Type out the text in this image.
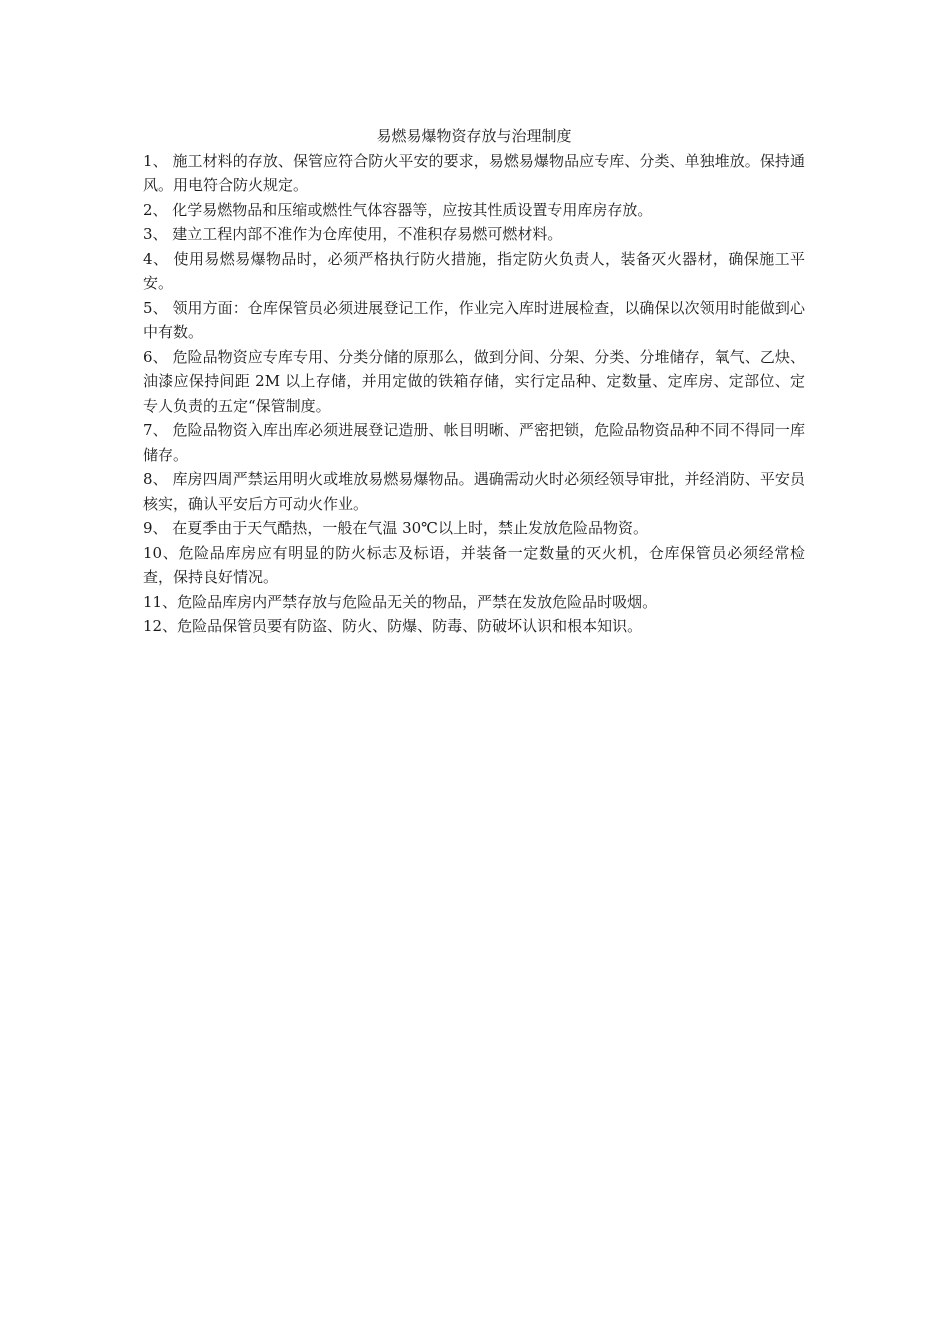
易燃易爆物资存放与治理制度

1、 施工材料的存放、保管应符合防火平安的要求，易燃易爆物品应专库、分类、单独堆放。保持通风。用电符合防火规定。

2、 化学易燃物品和压缩或燃性气体容器等，应按其性质设置专用库房存放。

3、 建立工程内部不准作为仓库使用，不准积存易燃可燃材料。

4、 使用易燃易爆物品时，必须严格执行防火措施，指定防火负责人，装备灭火器材，确保施工平安。

5、 领用方面：仓库保管员必须进展登记工作，作业完入库时进展检查，以确保以次领用时能做到心中有数。

6、 危险品物资应专库专用、分类分储的原那么，做到分间、分架、分类、分堆储存，氧气、乙炔、油漆应保持间距 2M 以上存储，并用定做的铁箱存储，实行定品种、定数量、定库房、定部位、定专人负责的五定“保管制度。

7、 危险品物资入库出库必须进展登记造册、帐目明晰、严密把锁，危险品物资品种不同不得同一库储存。

8、 库房四周严禁运用明火或堆放易燃易爆物品。遇确需动火时必须经领导审批，并经消防、平安员核实，确认平安后方可动火作业。

9、 在夏季由于天气酷热，一般在气温 30℃以上时，禁止发放危险品物资。

10、危险品库房应有明显的防火标志及标语，并装备一定数量的灭火机，仓库保管员必须经常检查，保持良好情况。

11、危险品库房内严禁存放与危险品无关的物品，严禁在发放危险品时吸烟。

12、危险品保管员要有防盗、防火、防爆、防毒、防破坏认识和根本知识。
